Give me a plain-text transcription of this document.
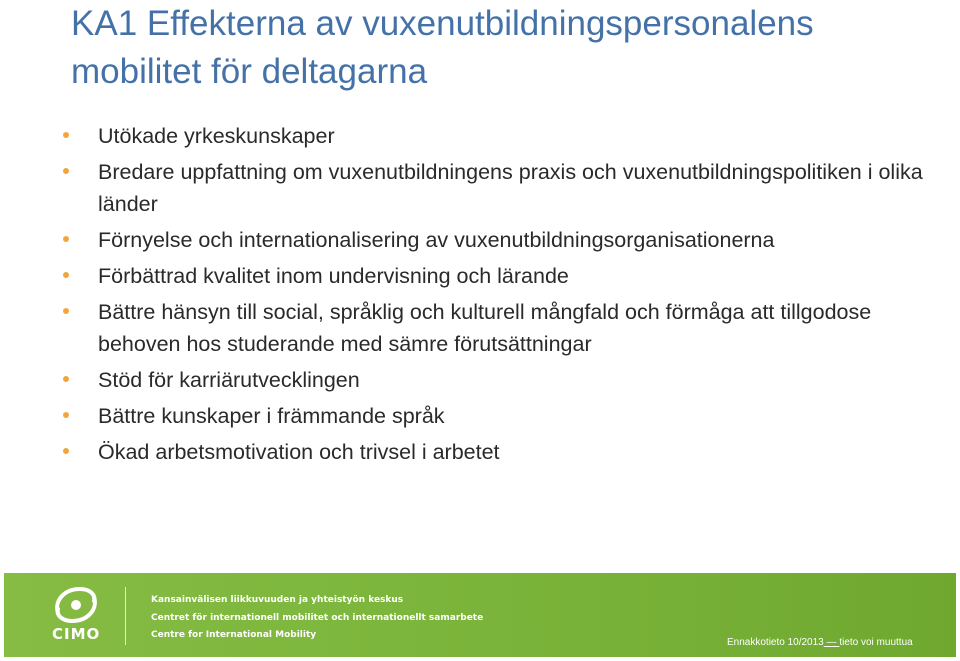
KA1 Effekterna av vuxenutbildningspersonalens mobilitet för deltagarna
Utökade yrkeskunskaper
Bredare uppfattning om vuxenutbildningens praxis och vuxenutbildningspolitiken i olika länder
Förnyelse och internationalisering av vuxenutbildningsorganisationerna
Förbättrad kvalitet inom undervisning och lärande
Bättre hänsyn till social, språklig och kulturell mångfald och förmåga att tillgodose behoven hos studerande med sämre förutsättningar
Stöd för karriärutvecklingen
Bättre kunskaper i främmande språk
Ökad arbetsmotivation och trivsel i arbetet
CIMO
Kansainvälisen liikkuvuuden ja yhteistyön keskus
Centret för internationell mobilitet och internationellt samarbete
Centre for International Mobility
Ennakkotieto 10/2013 — tieto voi muuttua
